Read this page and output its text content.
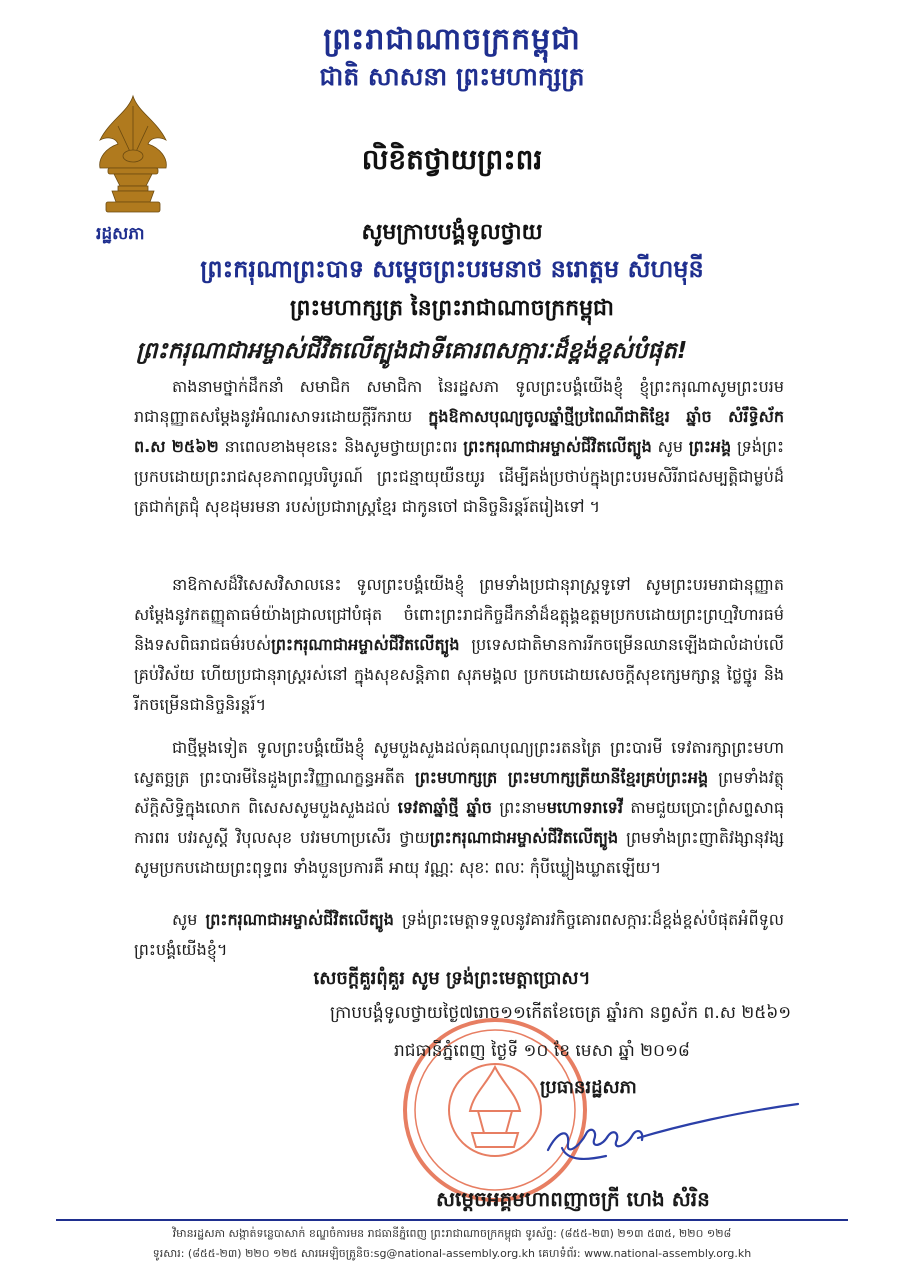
ព្រះរាជាណាចក្រកម្ពុជា
ជាតិ សាសនា ព្រះមហាក្សត្រ
រដ្ឋសភា
លិខិតថ្វាយព្រះពរ
សូមក្រាបបង្គំទូលថ្វាយ
ព្រះករុណាព្រះបាទ សម្តេចព្រះបរមនាថ នរោត្តម សីហមុនី
ព្រះមហាក្សត្រ នៃព្រះរាជាណាចក្រកម្ពុជា
ព្រះករុណាជាអម្ចាស់ជីវិតលើត្បូងជាទីគោរពសក្ការៈដ៏ខ្ពង់ខ្ពស់បំផុត!
តាងនាមថ្នាក់ដឹកនាំ សមាជិក សមាជិកា នៃរដ្ឋសភា ទូលព្រះបង្គំយើងខ្ញុំ ខ្ញុំព្រះករុណាសូមព្រះបរមរាជានុញ្ញាតសម្តែងនូវអំណរសាទរដោយក្តីរីករាយ ក្នុងឱកាសបុណ្យចូលឆ្នាំថ្មីប្រពៃណីជាតិខ្មែរ ឆ្នាំច សំរឹទ្ធិស័ក ព.ស ២៥៦២ នាពេលខាងមុខនេះ និងសូមថ្វាយព្រះពរ ព្រះករុណាជាអម្ចាស់ជីវិតលើត្បូង សូម ព្រះអង្គ ទ្រង់ព្រះប្រកបដោយព្រះរាជសុខភាពល្អបរិបូរណ៍ ព្រះជន្មាយុយឺនយូរ ដើម្បីគង់ប្រថាប់ក្នុងព្រះបរមសិរីរាជសម្បត្តិជាម្លប់ដ៏ត្រជាក់ត្រជុំ សុខដុមរមនា របស់ប្រជារាស្ត្រខ្មែរ ជាកូនចៅ ជានិច្ចនិរន្តរ៍តរៀងទៅ ។
នាឱកាសដ៏វិសេសវិសាលនេះ ទូលព្រះបង្គំយើងខ្ញុំ ព្រមទាំងប្រជានុរាស្ត្រទូទៅ សូមព្រះបរមរាជានុញ្ញាតសម្តែងនូវកតញ្ញុតាធម៌យ៉ាងជ្រាលជ្រៅបំផុត ចំពោះព្រះរាជកិច្ចដឹកនាំដ៏ឧត្តុង្គឧត្តមប្រកបដោយព្រះព្រហ្មវិហារធម៌ និងទសពិធរាជធម៌របស់ព្រះករុណាជាអម្ចាស់ជីវិតលើត្បូង ប្រទេសជាតិមានការរីកចម្រើនឈានឡើងជាលំដាប់លើគ្រប់វិស័យ ហើយប្រជានុរាស្ត្ររស់នៅ ក្នុងសុខសន្តិភាព សុភមង្គល ប្រកបដោយសេចក្តីសុខក្សេមក្សាន្ត ថ្លៃថ្នូរ និងរីកចម្រើនជានិច្ចនិរន្តរ៍។
ជាថ្មីម្តងទៀត ទូលព្រះបង្គំយើងខ្ញុំ សូមបួងសួងដល់គុណបុណ្យព្រះរតនត្រៃ ព្រះបារមី ទេវតារក្សាព្រះមហាស្វេតច្ឆត្រ ព្រះបារមីនៃដួងព្រះវិញ្ញាណក្ខន្ធអតីត ព្រះមហាក្សត្រ ព្រះមហាក្សត្រីយានីខ្មែរគ្រប់ព្រះអង្គ ព្រមទាំងវត្ថុស័ក្តិសិទ្ធិក្នុងលោក ពិសេសសូមបួងសួងដល់ ទេវតាឆ្នាំថ្មី ឆ្នាំច ព្រះនាមមហោទរាទេវី តាមជួយប្រោះព្រំសព្ទសាធុការពរ បវរសួស្តី វិបុលសុខ បវរមហាប្រសើរ ថ្វាយព្រះករុណាជាអម្ចាស់ជីវិតលើត្បូង ព្រមទាំងព្រះញាតិវង្សានុវង្ស សូមប្រកបដោយព្រះពុទ្ធពរ ទាំងបួនប្រការគឺ អាយុ វណ្ណៈ សុខៈ ពលៈ កុំបីឃ្លៀងឃ្លាតឡើយ។
សូម ព្រះករុណាជាអម្ចាស់ជីវិតលើត្បូង ទ្រង់ព្រះមេត្តាទទួលនូវគារវកិច្ចគោរពសក្ការៈដ៏ខ្ពង់ខ្ពស់បំផុតអំពីទូលព្រះបង្គំយើងខ្ញុំ។
សេចក្តីគួរពុំគួរ សូម ទ្រង់ព្រះមេត្តាប្រោស។
ក្រាបបង្គំទូលថ្វាយថ្ងៃ៧រោច១១កើតខែចេត្រ ឆ្នាំរកា នព្វស័ក ព.ស ២៥៦១
រាជធានីភ្នំពេញ ថ្ងៃទី ១០ ខែ មេសា ឆ្នាំ ២០១៨
ប្រធានរដ្ឋសភា
សម្តេចអគ្គមហាពញាចក្រី ហេង សំរិន
វិមានរដ្ឋសភា សង្កាត់ទន្លេបាសាក់ ខណ្ឌចំការមន រាជធានីភ្នំពេញ ព្រះរាជាណាចក្រកម្ពុជា ទូរស័ព្ទ: (៨៥៥-២៣) ២១៣ ៥៣៥, ២២០ ១២៨
ទូរសារ: (៨៥៥-២៣) ២២០ ១២៥ សារអេឡិចត្រូនិច:sg@national-assembly.org.kh គេហទំព័រ: www.national-assembly.org.kh
